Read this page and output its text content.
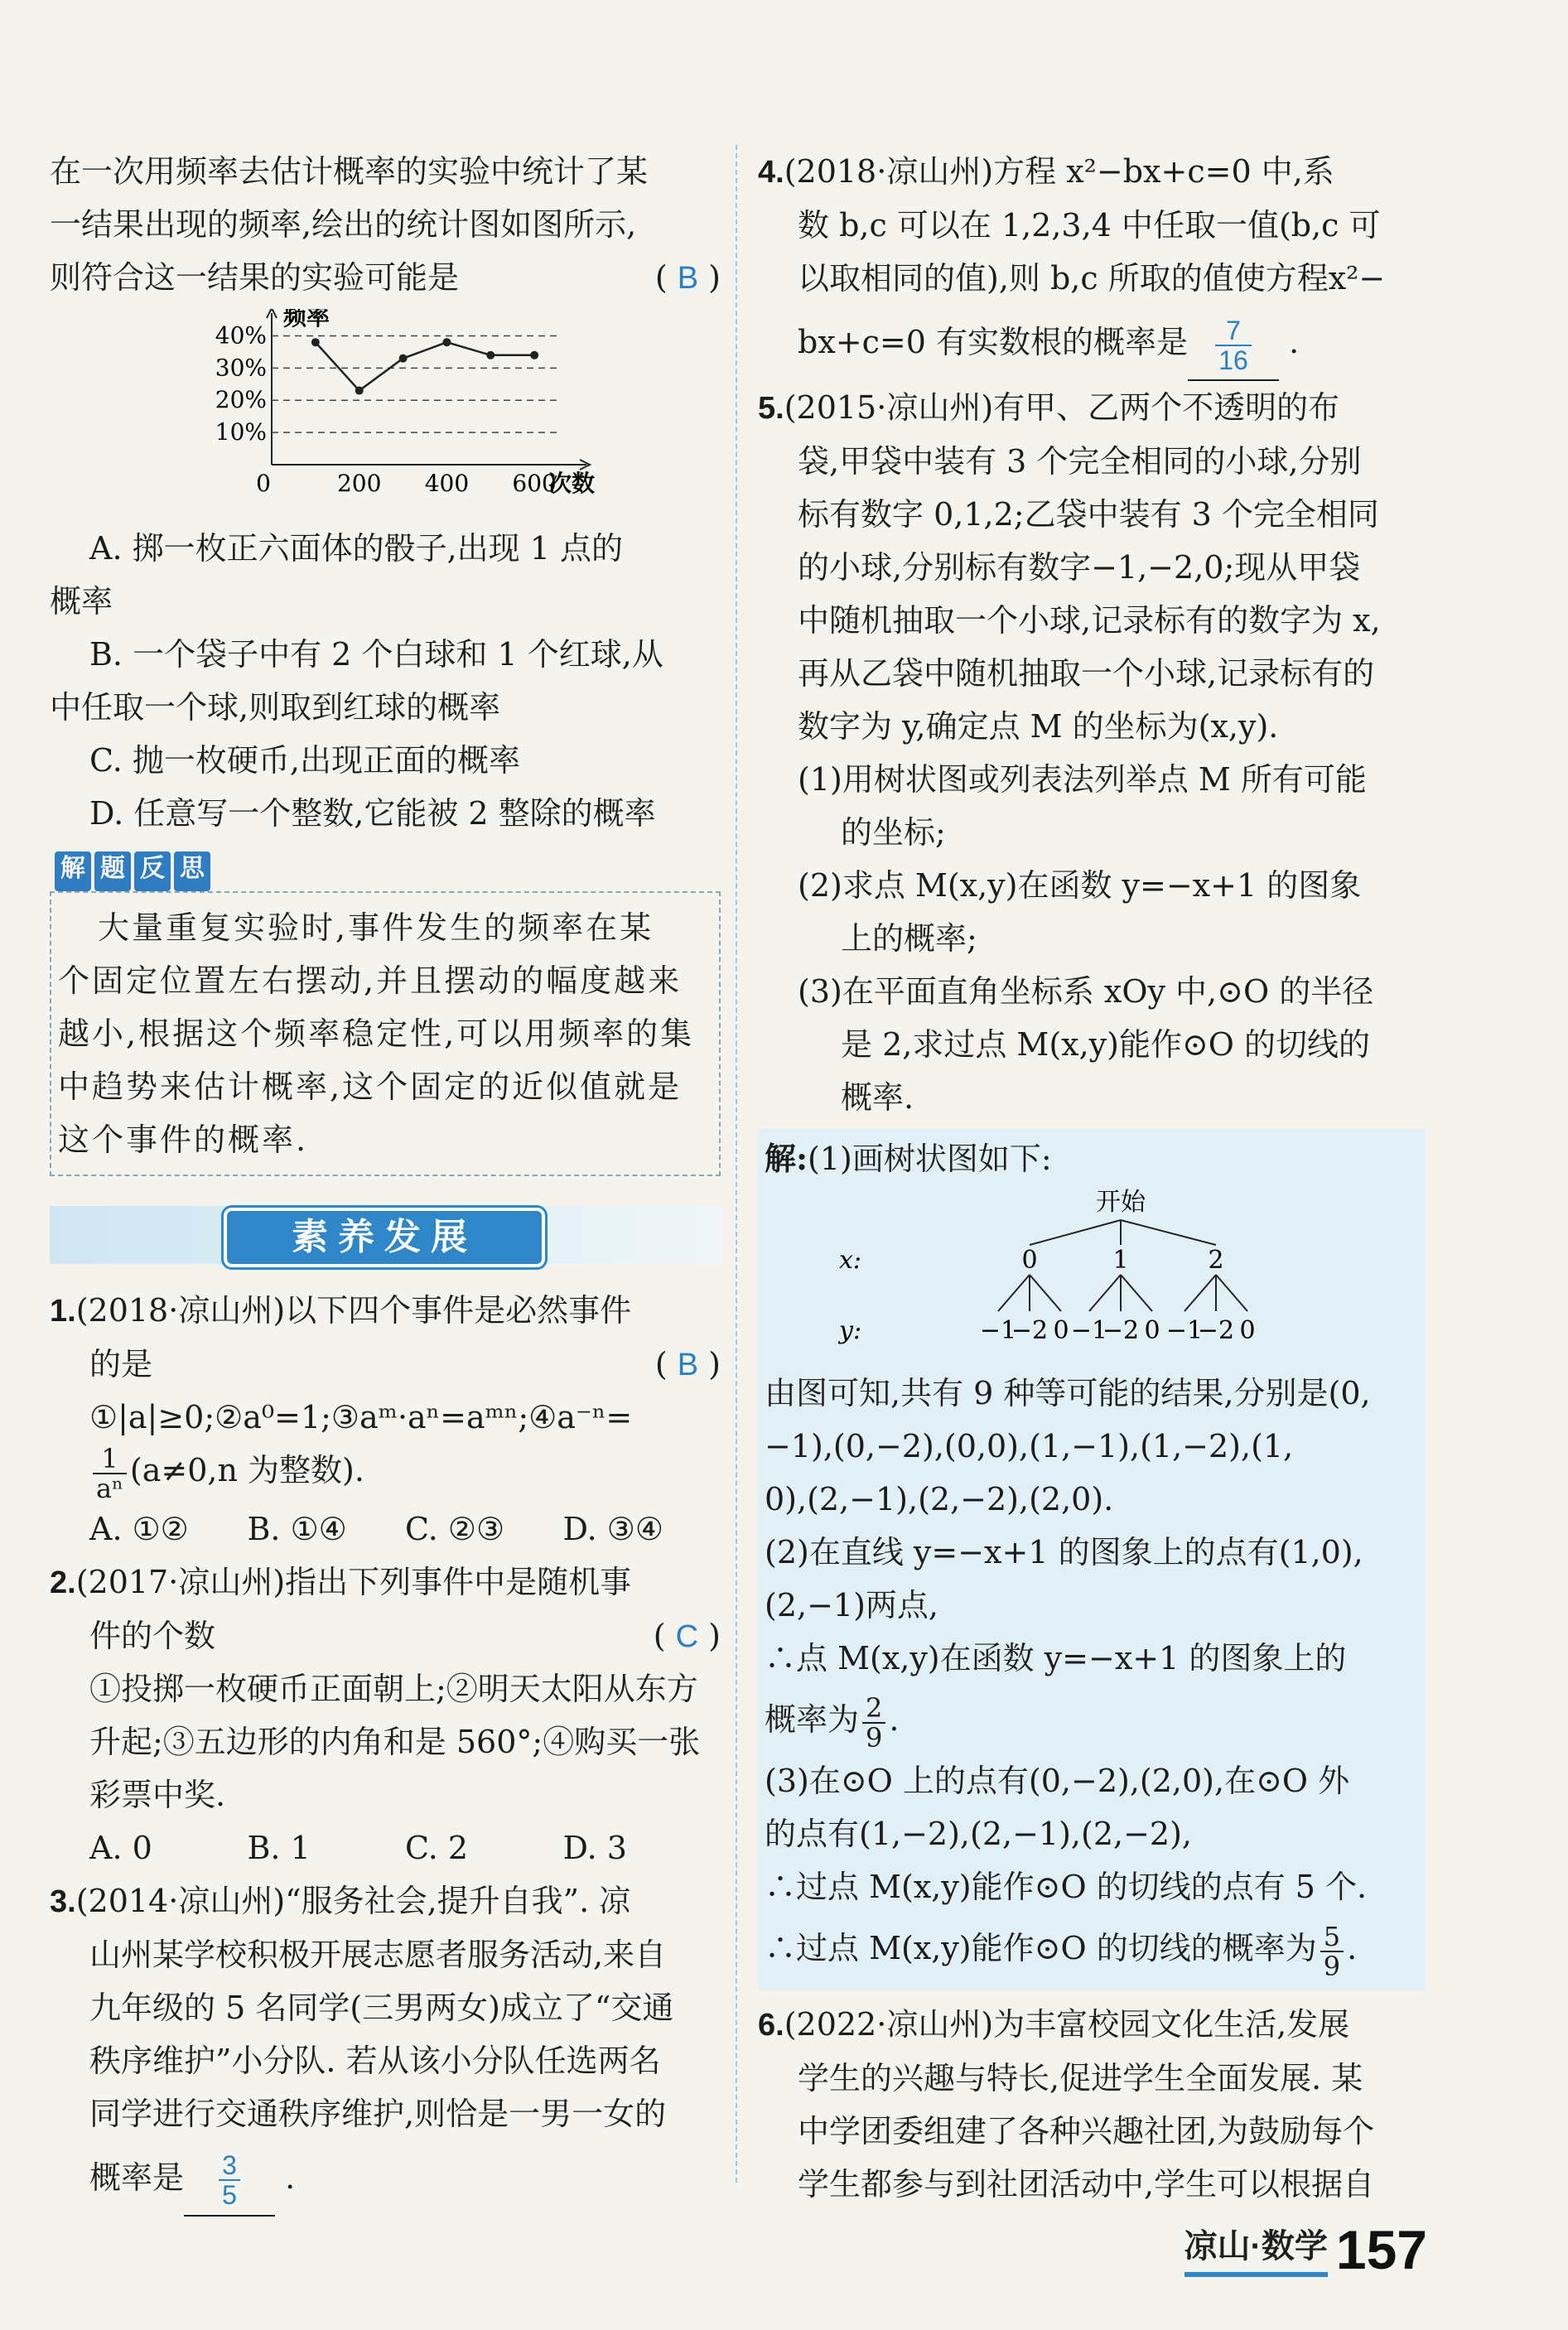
在一次用频率去估计概率的实验中统计了某

一结果出现的频率,绘出的统计图如图所示,

则符合这一结果的实验可能是	( B )

10%
20%
30%
40%
0	200 400 600
频率
次数

A. 掷一枚正六面体的骰子,出现 1 点的

概率

B. 一个袋子中有 2 个白球和 1 个红球,从

中任取一个球,则取到红球的概率

C. 抛一枚硬币,出现正面的概率

D. 任意写一个整数,它能被 2 整除的概率

解 题 反 思

大量重复实验时,事件发生的频率在某

个固定位置左右摆动,并且摆动的幅度越来

越小,根据这个频率稳定性,可以用频率的集

中趋势来估计概率,这个固定的近似值就是

这个事件的概率.

素养发展

1.(2018·凉山州)以下四个事件是必然事件

的是	( B )

①|a|≥0;②a⁰=1;③aᵐ·aⁿ=aᵐⁿ;④a⁻ⁿ=

$\frac{1}{\text{aⁿ}} (a\ne 0,n$ 为整数).

A. ①②	B. ①④	C. ②③	D. ③④

2.(2017·凉山州)指出下列事件中是随机事

件的个数	( C )

①投掷一枚硬币正面朝上;②明天太阳从东方

升起;③五边形的内角和是 560°;④购买一张

彩票中奖.

A. 0	B. 1	C. 2	D. 3

3.(2014·凉山州)“服务社会,提升自我”. 凉

山州某学校积极开展志愿者服务活动,来自

九年级的 5 名同学(三男两女)成立了“交通

秩序维护”小分队. 若从该小分队任选两名

同学进行交通秩序维护,则恰是一男一女的

概率是 $\frac{3}{5}$ .

4.(2018·凉山州)方程 x²−bx+c=0 中,系

数 b,c 可以在 1,2,3,4 中任取一值(b,c 可

以取相同的值),则 b,c 所取的值使方程x²−

bx+c=0 有实数根的概率是 $\frac{7}{16}$ .

5.(2015·凉山州)有甲、乙两个不透明的布

袋,甲袋中装有 3 个完全相同的小球,分别

标有数字 0,1,2;乙袋中装有 3 个完全相同

的小球,分别标有数字−1,−2,0;现从甲袋

中随机抽取一个小球,记录标有的数字为 x,

再从乙袋中随机抽取一个小球,记录标有的

数字为 y,确定点 M 的坐标为(x,y).

(1)用树状图或列表法列举点 M 所有可能

的坐标;

(2)求点 M(x,y)在函数 y=−x+1 的图象

上的概率;

(3)在平面直角坐标系 xOy 中,⊙O 的半径

是 2,求过点 M(x,y)能作⊙O 的切线的

概率.

解:(1)画树状图如下:

开始
x:
y:
0
−1
−2 0
1
−1
−2 0
2
−1
−2 0

由图可知,共有 9 种等可能的结果,分别是(0,

−1),(0,−2),(0,0),(1,−1),(1,−2),(1,

0),(2,−1),(2,−2),(2,0).

(2)在直线 y=−x+1 的图象上的点有(1,0),

(2,−1)两点,

∴点 M(x,y)在函数 y=−x+1 的图象上的

概率为 $\frac{2}{9}$ .

(3)在⊙O 上的点有(0,−2),(2,0),在⊙O 外

的点有(1,−2),(2,−1),(2,−2),

∴过点 M(x,y)能作⊙O 的切线的点有 5 个.

∴过点 M(x,y)能作⊙O 的切线的概率为 $\frac{5}{9}$ .

6.(2022·凉山州)为丰富校园文化生活,发展

学生的兴趣与特长,促进学生全面发展. 某

中学团委组建了各种兴趣社团,为鼓励每个

学生都参与到社团活动中,学生可以根据自

凉山·数学 157
